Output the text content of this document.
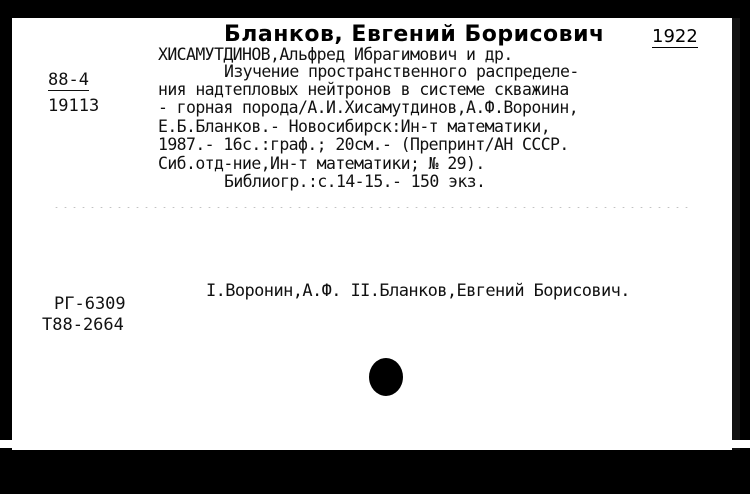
Бланков, Евгений Борисович	1922
88-4
19113
ХИСАМУТДИНОВ,Альфред Ибрагимович и др.
Изучение пространственного распределе-
ния надтепловых нейтронов в системе скважина
- горная порода/А.И.Хисамутдинов,А.Ф.Воронин,
Е.Б.Бланков.- Новосибирск:Ин-т математики,
1987.- 16с.:граф.; 20см.- (Препринт/АН СССР.
Сиб.отд-ние,Ин-т математики; № 29).
Библиогр.:с.14-15.- 150 экз.
I.Воронин,А.Ф. II.Бланков,Евгений Борисович.
РГ-6309
Т88-2664
